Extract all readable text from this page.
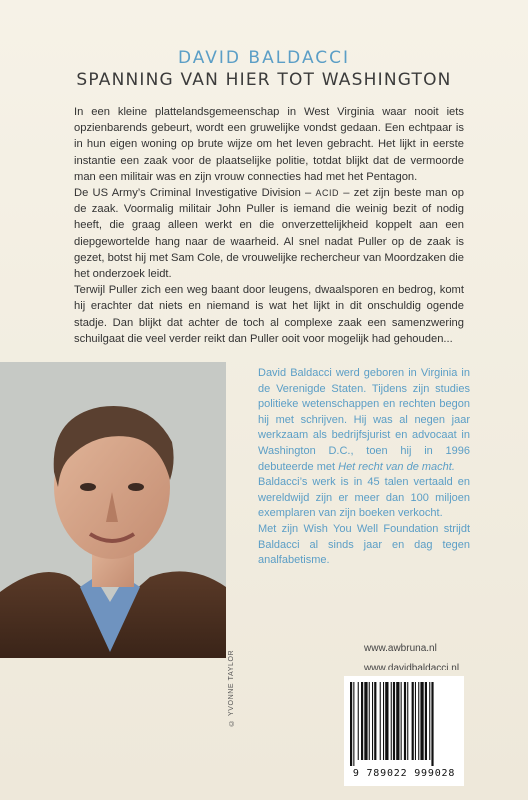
DAVID BALDACCI
SPANNING VAN HIER TOT WASHINGTON

In een kleine plattelandsgemeenschap in West Virginia waar nooit iets opzienbarends gebeurt, wordt een gruwelijke vondst gedaan. Een echtpaar is in hun eigen woning op brute wijze om het leven gebracht. Het lijkt in eerste instantie een zaak voor de plaatselijke politie, totdat blijkt dat de vermoorde man een militair was en zijn vrouw connecties had met het Pentagon.

De US Army’s Criminal Investigative Division – ACID – zet zijn beste man op de zaak. Voormalig militair John Puller is iemand die weinig bezit of nodig heeft, die graag alleen werkt en die onverzettelijkheid koppelt aan een diepgewortelde hang naar de waarheid. Al snel nadat Puller op de zaak is gezet, botst hij met Sam Cole, de vrouwelijke rechercheur van Moordzaken die het onderzoek leidt.

Terwijl Puller zich een weg baant door leugens, dwaalsporen en bedrog, komt hij erachter dat niets en niemand is wat het lijkt in dit onschuldig ogende stadje. Dan blijkt dat achter de toch al complexe zaak een samenzwering schuilgaat die veel verder reikt dan Puller ooit voor mogelijk had gehouden...

© YVONNE TAYLOR

David Baldacci werd geboren in Virginia in de Verenigde Staten. Tijdens zijn studies politieke wetenschappen en rechten begon hij met schrijven. Hij was al negen jaar werkzaam als bedrijfsjurist en advocaat in Washington D.C., toen hij in 1996 debuteerde met Het recht van de macht.

Baldacci’s werk is in 45 talen vertaald en wereldwijd zijn er meer dan 100 miljoen exemplaren van zijn boeken verkocht.

Met zijn Wish You Well Foundation strijdt Baldacci al sinds jaar en dag tegen analfabetisme.

www.awbruna.nl
www.davidbaldacci.nl
9 789022 999028
